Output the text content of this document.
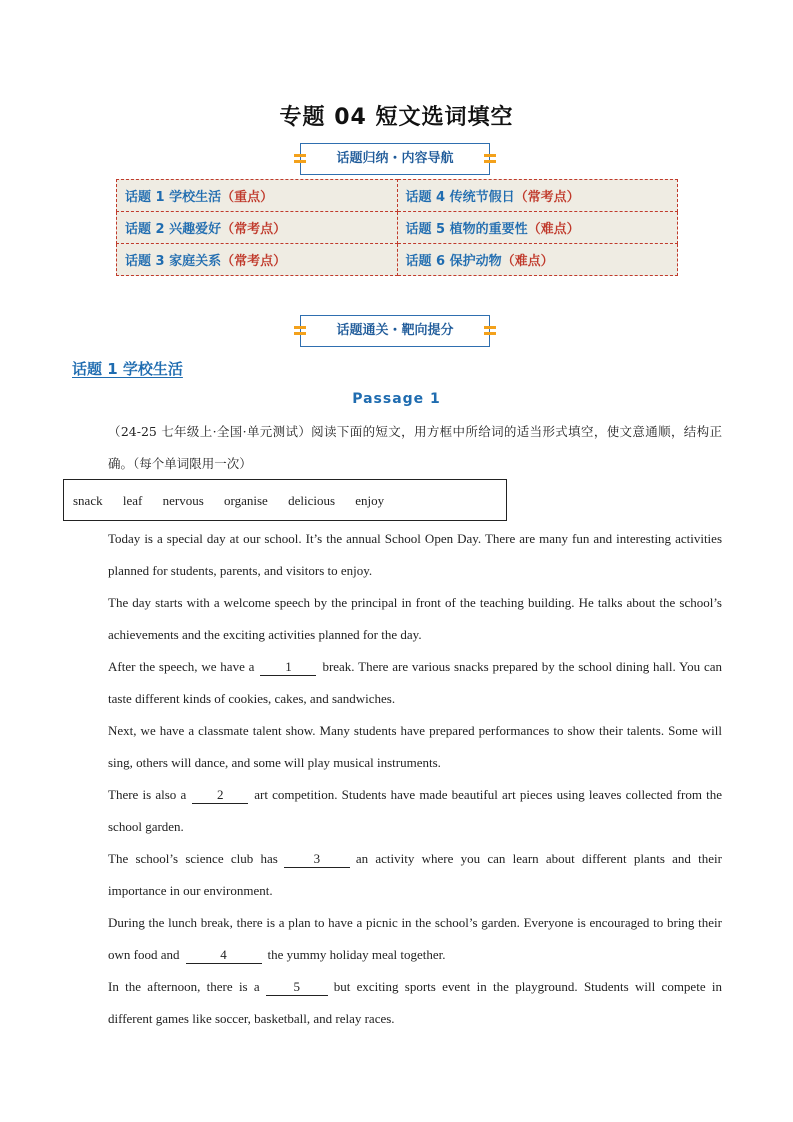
专题 04 短文选词填空
话题归纳・内容导航
话题 1 学校生活（重点）	话题 4 传统节假日（常考点）
话题 2 兴趣爱好（常考点）	话题 5 植物的重要性（难点）
话题 3 家庭关系（常考点）	话题 6 保护动物（难点）
话题通关・靶向提分
话题 1 学校生活
Passage 1
（24-25 七年级上·全国·单元测试）阅读下面的短文，用方框中所给词的适当形式填空，使文意通顺，结构正确。（每个单词限用一次）
snack leaf nervous organise delicious enjoy
Today is a special day at our school. It’s the annual School Open Day. There are many fun and interesting activities planned for students, parents, and visitors to enjoy.
The day starts with a welcome speech by the principal in front of the teaching building. He talks about the school’s achievements and the exciting activities planned for the day.
After the speech, we have a 1 break. There are various snacks prepared by the school dining hall. You can taste different kinds of cookies, cakes, and sandwiches.
Next, we have a classmate talent show. Many students have prepared performances to show their talents. Some will sing, others will dance, and some will play musical instruments.
There is also a 2 art competition. Students have made beautiful art pieces using leaves collected from the school garden.
The school’s science club has	3	an activity where you can learn about different plants and their importance in our environment.
During the lunch break, there is a plan to have a picnic in the school’s garden. Everyone is encouraged to bring their own food and	4	the yummy holiday meal together.
In the afternoon, there is a	5	but exciting sports event in the playground. Students will compete in different games like soccer, basketball, and relay races.
